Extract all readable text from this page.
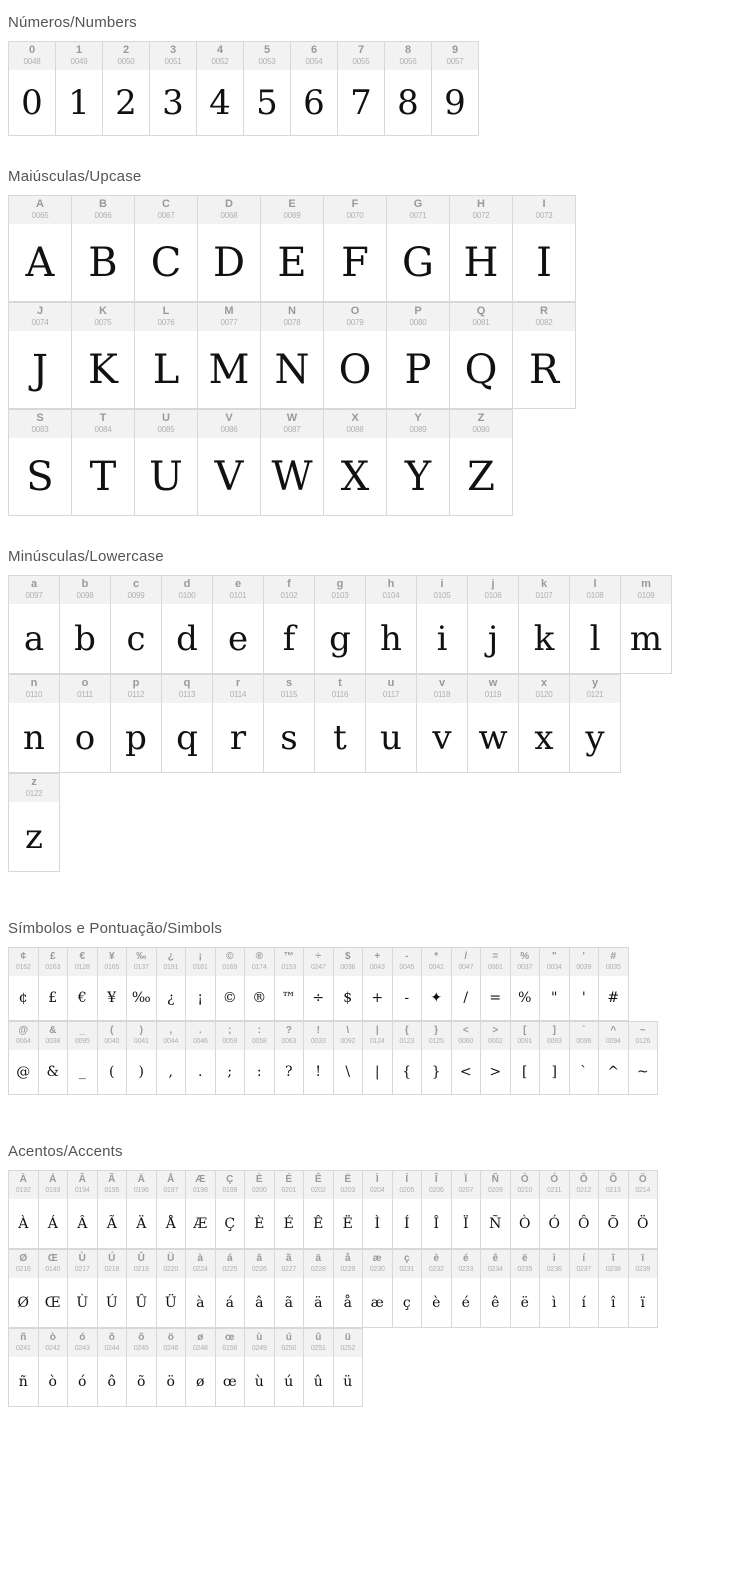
Números/Numbers
0
0048
0
1
0049
1
2
0050
2
3
0051
3
4
0052
4
5
0053
5
6
0054
6
7
0055
7
8
0056
8
9
0057
9
Maiúsculas/Upcase
A
0065
A
B
0066
B
C
0067
C
D
0068
D
E
0069
E
F
0070
F
G
0071
G
H
0072
H
I
0073
I
J
0074
J
K
0075
K
L
0076
L
M
0077
M
N
0078
N
O
0079
O
P
0080
P
Q
0081
Q
R
0082
R
S
0083
S
T
0084
T
U
0085
U
V
0086
V
W
0087
W
X
0088
X
Y
0089
Y
Z
0090
Z
Minúsculas/Lowercase
a
0097
a
b
0098
b
c
0099
c
d
0100
d
e
0101
e
f
0102
f
g
0103
g
h
0104
h
i
0105
i
j
0106
j
k
0107
k
l
0108
l
m
0109
m
n
0110
n
o
0111
o
p
0112
p
q
0113
q
r
0114
r
s
0115
s
t
0116
t
u
0117
u
v
0118
v
w
0119
w
x
0120
x
y
0121
y
z
0122
z
Símbolos e Pontuação/Simbols
¢
0162
¢
£
0163
£
€
0128
€
¥
0165
¥
‰
0137
‰
¿
0191
¿
¡
0161
¡
©
0169
©
®
0174
®
™
0153
™
÷
0247
÷
$
0036
$
+
0043
+
-
0045
-
*
0042
✦
/
0047
/
=
0061
=
%
0037
%
"
0034
"
'
0039
'
#
0035
#
@
0064
@
&
0038
&
_
0095
_
(
0040
(
)
0041
)
,
0044
,
.
0046
.
;
0059
;
:
0058
:
?
0063
?
!
0033
!
\
0092
\
|
0124
|
{
0123
{
}
0125
}
<
0060
<
>
0062
>
[
0091
[
]
0093
]
`
0096
`
^
0094
^
~
0126
~
Acentos/Accents
À
0192
À
Á
0193
Á
Â
0194
Â
Ã
0195
Ã
Ä
0196
Ä
Å
0197
Å
Æ
0198
Æ
Ç
0199
Ç
È
0200
È
É
0201
É
Ê
0202
Ê
Ë
0203
Ë
Ì
0204
Ì
Í
0205
Í
Î
0206
Î
Ï
0207
Ï
Ñ
0209
Ñ
Ò
0210
Ò
Ó
0211
Ó
Ô
0212
Ô
Õ
0213
Õ
Ö
0214
Ö
Ø
0216
Ø
Œ
0140
Œ
Ù
0217
Ù
Ú
0218
Ú
Û
0219
Û
Ü
0220
Ü
à
0224
à
á
0225
á
â
0226
â
ã
0227
ã
ä
0228
ä
å
0229
å
æ
0230
æ
ç
0231
ç
è
0232
è
é
0233
é
ê
0234
ê
ë
0235
ë
ì
0236
ì
í
0237
í
î
0238
î
ï
0239
ï
ñ
0241
ñ
ò
0242
ò
ó
0243
ó
ô
0244
ô
õ
0245
õ
ö
0246
ö
ø
0248
ø
œ
0156
œ
ù
0249
ù
ú
0250
ú
û
0251
û
ü
0252
ü
